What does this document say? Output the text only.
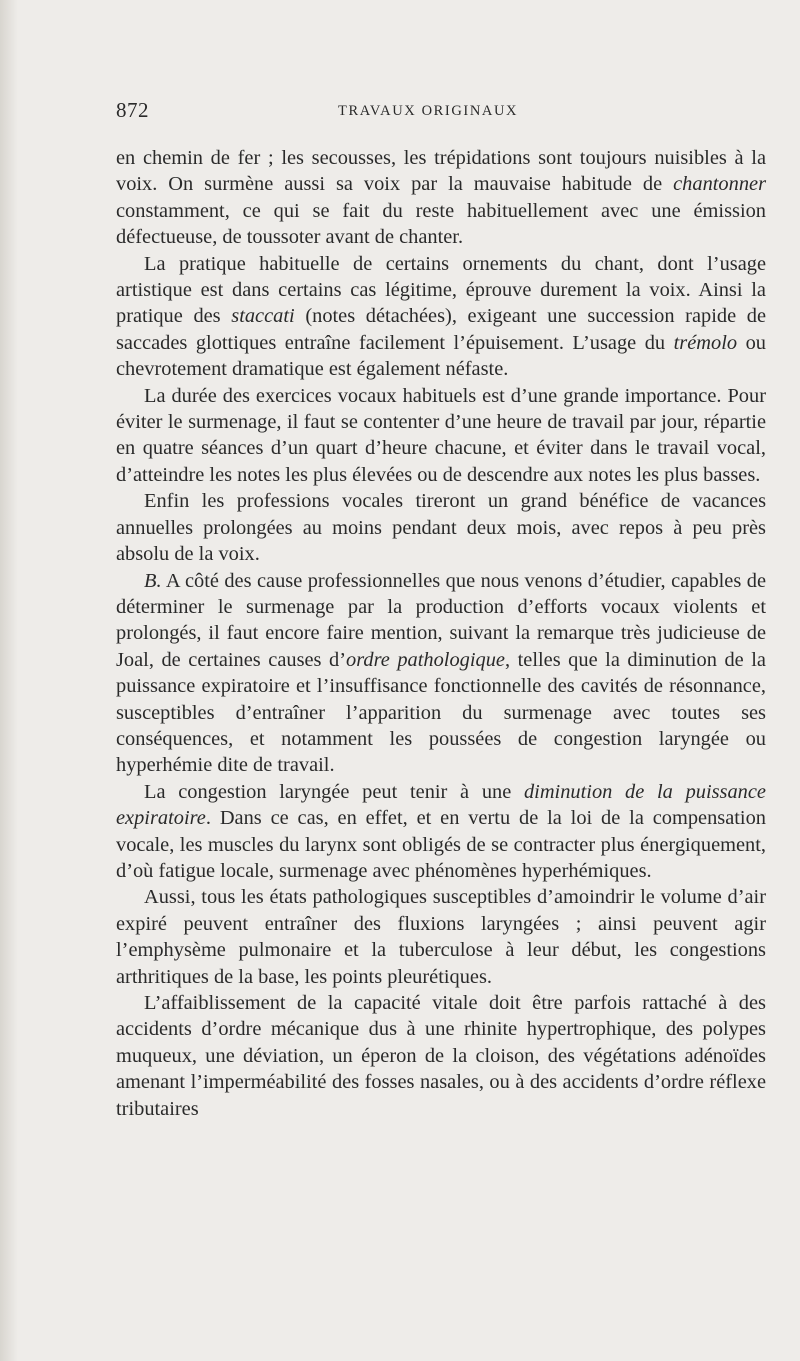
872	TRAVAUX ORIGINAUX

en chemin de fer ; les secousses, les trépidations sont toujours nuisibles à la voix. On surmène aussi sa voix par la mauvaise habitude de chantonner constamment, ce qui se fait du reste habituellement avec une émission défectueuse, de toussoter avant de chanter.

La pratique habituelle de certains ornements du chant, dont l’usage artistique est dans certains cas légitime, éprouve durement la voix. Ainsi la pratique des staccati (notes détachées), exigeant une succession rapide de saccades glottiques entraîne facilement l’épuisement. L’usage du trémolo ou chevrotement dramatique est également néfaste.

La durée des exercices vocaux habituels est d’une grande importance. Pour éviter le surmenage, il faut se contenter d’une heure de travail par jour, répartie en quatre séances d’un quart d’heure chacune, et éviter dans le travail vocal, d’atteindre les notes les plus élevées ou de descendre aux notes les plus basses.

Enfin les professions vocales tireront un grand bénéfice de vacances annuelles prolongées au moins pendant deux mois, avec repos à peu près absolu de la voix.

B. A côté des cause professionnelles que nous venons d’étudier, capables de déterminer le surmenage par la production d’efforts vocaux violents et prolongés, il faut encore faire mention, suivant la remarque très judicieuse de Joal, de certaines causes d’ordre pathologique, telles que la diminution de la puissance expiratoire et l’insuffisance fonctionnelle des cavités de résonnance, susceptibles d’entraîner l’apparition du surmenage avec toutes ses conséquences, et notamment les poussées de congestion laryngée ou hyperhémie dite de travail.

La congestion laryngée peut tenir à une diminution de la puissance expiratoire. Dans ce cas, en effet, et en vertu de la loi de la compensation vocale, les muscles du larynx sont obligés de se contracter plus énergiquement, d’où fatigue locale, surmenage avec phénomènes hyperhémiques.

Aussi, tous les états pathologiques susceptibles d’amoindrir le volume d’air expiré peuvent entraîner des fluxions laryngées ; ainsi peuvent agir l’emphysème pulmonaire et la tuberculose à leur début, les congestions arthritiques de la base, les points pleurétiques.

L’affaiblissement de la capacité vitale doit être parfois rattaché à des accidents d’ordre mécanique dus à une rhinite hypertrophique, des polypes muqueux, une déviation, un éperon de la cloison, des végétations adénoïdes amenant l’imperméabilité des fosses nasales, ou à des accidents d’ordre réflexe tributaires
